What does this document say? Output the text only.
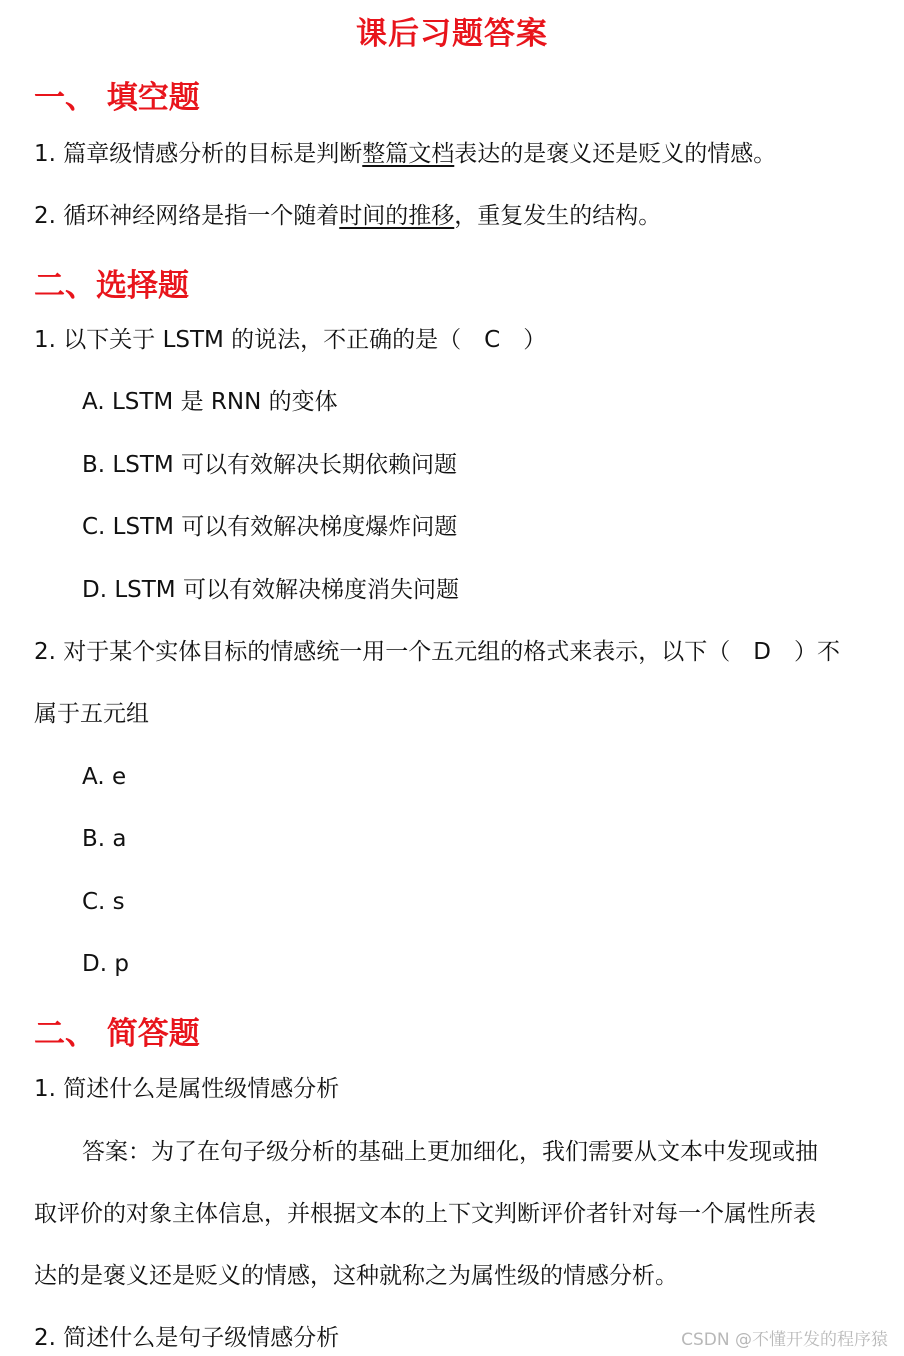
课后习题答案
一、 填空题
1. 篇章级情感分析的目标是判断整篇文档表达的是褒义还是贬义的情感。
2. 循环神经网络是指一个随着时间的推移，重复发生的结构。
二、选择题
1. 以下关于 LSTM 的说法，不正确的是（　C　）
A. LSTM 是 RNN 的变体
B. LSTM 可以有效解决长期依赖问题
C. LSTM 可以有效解决梯度爆炸问题
D. LSTM 可以有效解决梯度消失问题
2. 对于某个实体目标的情感统一用一个五元组的格式来表示，以下（　D　）不
属于五元组
A. e
B. a
C. s
D. p
二、 简答题
1. 简述什么是属性级情感分析
答案：为了在句子级分析的基础上更加细化，我们需要从文本中发现或抽
取评价的对象主体信息，并根据文本的上下文判断评价者针对每一个属性所表
达的是褒义还是贬义的情感，这种就称之为属性级的情感分析。
2. 简述什么是句子级情感分析	CSDN @不懂开发的程序猿
